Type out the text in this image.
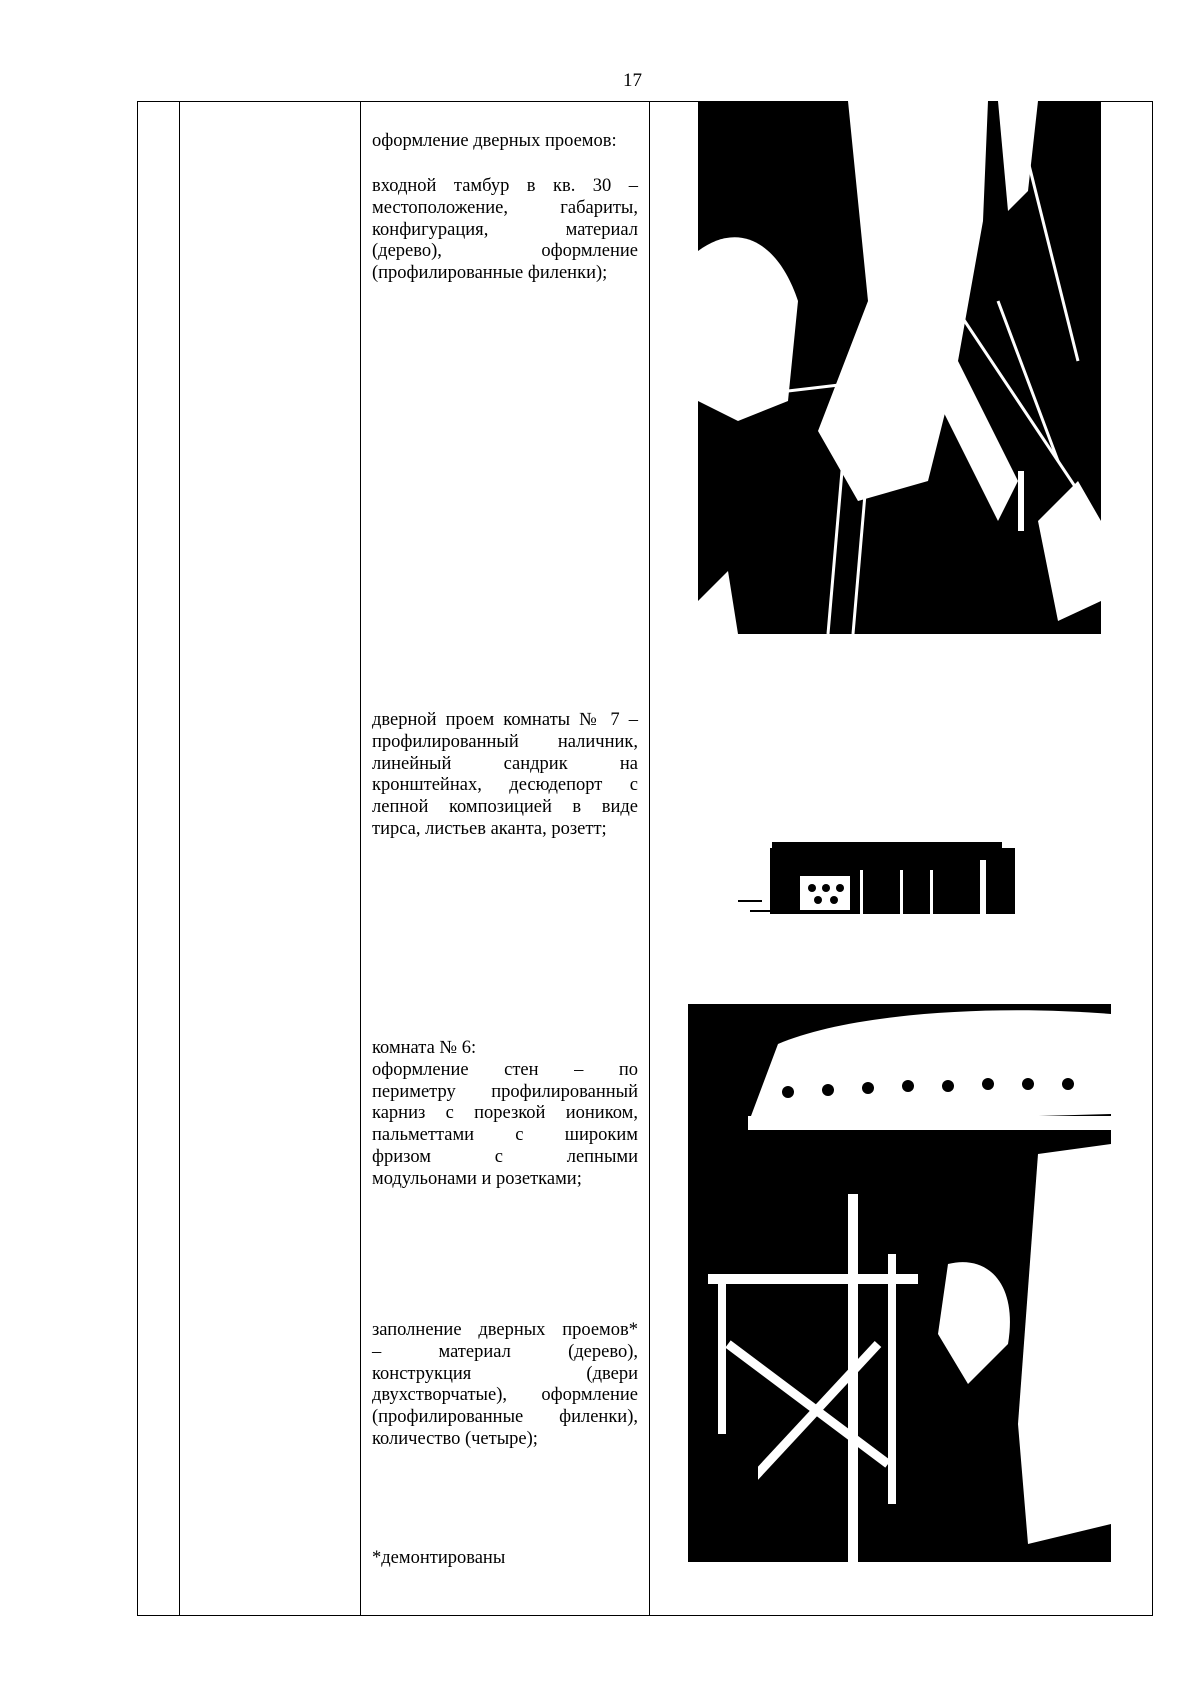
17
оформление дверных проемов:
входной тамбур в кв. 30 –
местоположение, габариты,
конфигурация, материал
(дерево), оформление
(профилированные филенки);
дверной проем комнаты № 7 –
профилированный наличник,
линейный сандрик на
кронштейнах, десюдепорт с
лепной композицией в виде
тирса, листьев аканта, розетт;
комната № 6:
оформление стен – по
периметру профилированный
карниз с порезкой иоником,
пальметтами с широким
фризом с лепными
модульонами и розетками;
заполнение дверных проемов*
– материал (дерево),
конструкция (двери
двухстворчатые), оформление
(профилированные филенки),
количество (четыре);
*демонтированы
